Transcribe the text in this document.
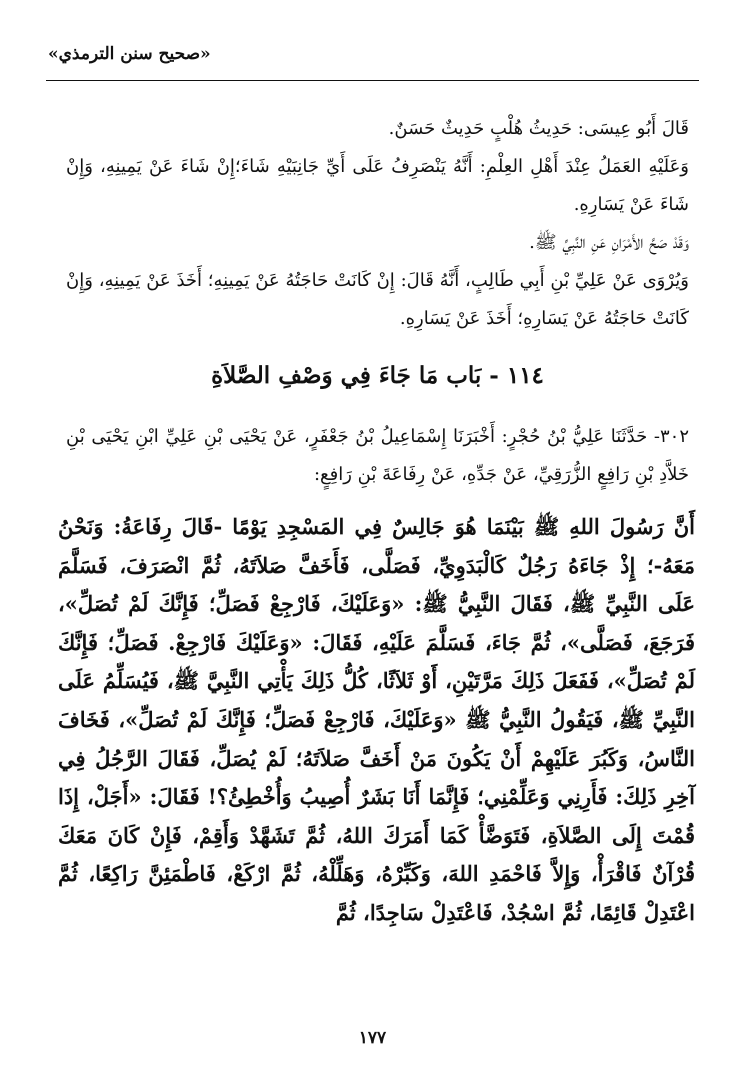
«صحيح سنن الترمذي»

قَالَ أَبُو عِيسَى: حَدِيثُ هُلْبٍ حَدِيثٌ حَسَنٌ.

وَعَلَيْهِ العَمَلُ عِنْدَ أَهْلِ العِلْمِ: أَنَّهُ يَنْصَرِفُ عَلَى أَيِّ جَانِبَيْهِ شَاءَ؛إِنْ شَاءَ عَنْ يَمِينِهِ، وَإِنْ شَاءَ عَنْ يَسَارِهِ.

وَقَدْ صَحَّ الأَمْرَانِ عَنِ النَّبِيِّ ﷺ.

وَيُرْوَى عَنْ عَلِيِّ بْنِ أَبِي طَالِبٍ، أَنَّهُ قَالَ: إِنْ كَانَتْ حَاجَتُهُ عَنْ يَمِينِهِ؛ أَخَذَ عَنْ يَمِينِهِ، وَإِنْ كَانَتْ حَاجَتُهُ عَنْ يَسَارِهِ؛ أَخَذَ عَنْ يَسَارِهِ.

١١٤ - بَاب مَا جَاءَ فِي وَصْفِ الصَّلاَةِ

٣٠٢- حَدَّثَنَا عَلِيُّ بْنُ حُجْرٍ: أَخْبَرَنَا إِسْمَاعِيلُ بْنُ جَعْفَرٍ، عَنْ يَحْيَى بْنِ عَلِيِّ ابْنِ يَحْيَى بْنِ خَلاَّدِ بْنِ رَافِعٍ الزُّرَقِيِّ، عَنْ جَدِّهِ، عَنْ رِفَاعَةَ بْنِ رَافِعٍ:

أَنَّ رَسُولَ اللهِ ﷺ بَيْنَمَا هُوَ جَالِسٌ فِي المَسْجِدِ يَوْمًا -قَالَ رِفَاعَةُ: وَنَحْنُ مَعَهُ-؛ إِذْ جَاءَهُ رَجُلٌ كَالْبَدَوِيِّ، فَصَلَّى، فَأَخَفَّ صَلاَتَهُ، ثُمَّ انْصَرَفَ، فَسَلَّمَ عَلَى النَّبِيِّ ﷺ، فَقَالَ النَّبِيُّ ﷺ: «وَعَلَيْكَ، فَارْجِعْ فَصَلِّ؛ فَإِنَّكَ لَمْ تُصَلِّ»، فَرَجَعَ، فَصَلَّى»، ثُمَّ جَاءَ، فَسَلَّمَ عَلَيْهِ، فَقَالَ: «وَعَلَيْكَ فَارْجِعْ. فَصَلِّ؛ فَإِنَّكَ لَمْ تُصَلِّ»، فَفَعَلَ ذَلِكَ مَرَّتَيْنِ، أَوْ ثَلاَثًا، كُلُّ ذَلِكَ يَأْتِي النَّبِيَّ ﷺ، فَيُسَلِّمُ عَلَى النَّبِيِّ ﷺ، فَيَقُولُ النَّبِيُّ ﷺ «وَعَلَيْكَ، فَارْجِعْ فَصَلِّ؛ فَإِنَّكَ لَمْ تُصَلِّ»، فَخَافَ النَّاسُ، وَكَبُرَ عَلَيْهِمْ أَنْ يَكُونَ مَنْ أَخَفَّ صَلاَتَهُ؛ لَمْ يُصَلِّ، فَقَالَ الرَّجُلُ فِي آخِرِ ذَلِكَ: فَأَرِنِي وَعَلِّمْنِي؛ فَإِنَّمَا أَنَا بَشَرٌ أُصِيبُ وَأُخْطِئُ؟! فَقَالَ: «أَجَلْ، إِذَا قُمْتَ إِلَى الصَّلاَةِ، فَتَوَضَّأْ كَمَا أَمَرَكَ اللهُ، ثُمَّ تَشَهَّدْ وَأَقِمْ، فَإِنْ كَانَ مَعَكَ قُرْآنٌ فَاقْرَأْ، وَإِلاَّ فَاحْمَدِ اللهَ، وَكَبِّرْهُ، وَهَلِّلْهُ، ثُمَّ ارْكَعْ، فَاطْمَئِنَّ رَاكِعًا، ثُمَّ اعْتَدِلْ قَائِمًا، ثُمَّ اسْجُدْ، فَاعْتَدِلْ سَاجِدًا، ثُمَّ
١٧٧
